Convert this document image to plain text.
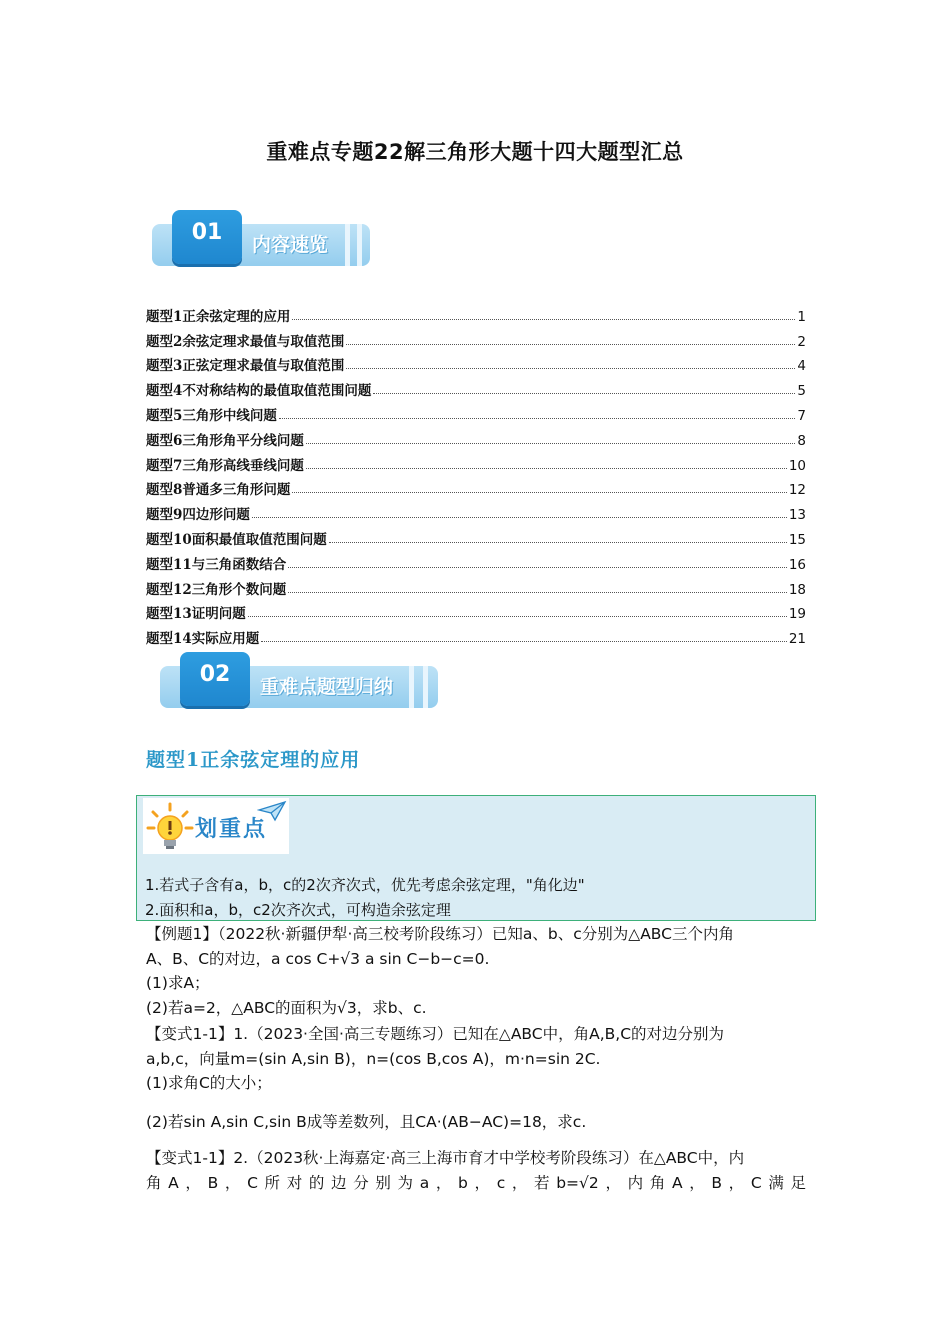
重难点专题22解三角形大题十四大题型汇总
01	内容速览
题型1正余弦定理的应用	1
题型2余弦定理求最值与取值范围	2
题型3正弦定理求最值与取值范围	4
题型4不对称结构的最值取值范围问题	5
题型5三角形中线问题	7
题型6三角形角平分线问题	8
题型7三角形高线垂线问题	10
题型8普通多三角形问题	12
题型9四边形问题	13
题型10面积最值取值范围问题	15
题型11与三角函数结合	16
题型12三角形个数问题	18
题型13证明问题	19
题型14实际应用题	21
02	重难点题型归纳
题型1正余弦定理的应用
划重点
1.若式子含有a，b，c的2次齐次式，优先考虑余弦定理，"角化边"
2.面积和a，b，c2次齐次式，可构造余弦定理
【例题1】（2022秋·新疆伊犁·高三校考阶段练习）已知a、b、c分别为△ABC三个内角
A、B、C的对边，a cos C+√3 a sin C−b−c=0.
(1)求A；
(2)若a=2，△ABC的面积为√3，求b、c.
【变式1-1】1.（2023·全国·高三专题练习）已知在△ABC中，角A,B,C的对边分别为
a,b,c，向量m=(sin A,sin B)，n=(cos B,cos A)，m·n=sin 2C.
(1)求角C的大小；
(2)若sin A,sin C,sin B成等差数列，且CA·(AB−AC)=18，求c.
【变式1-1】2.（2023秋·上海嘉定·高三上海市育才中学校考阶段练习）在△ABC中，内
角A，B，C所对的边分别为a，b，c，若b=√2，内角A，B，C满足
